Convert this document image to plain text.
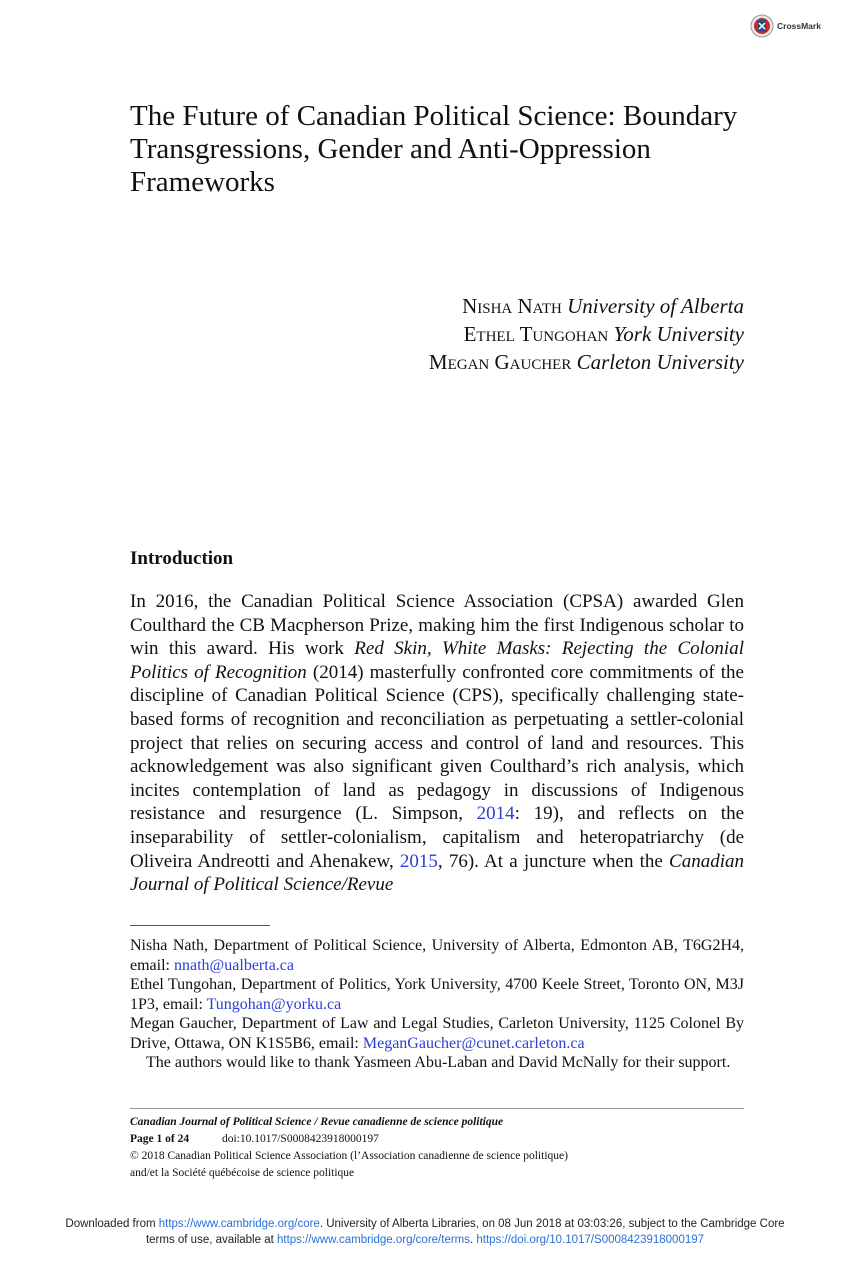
CrossMark
The Future of Canadian Political Science: Boundary Transgressions, Gender and Anti-Oppression Frameworks
Nisha Nath University of Alberta
Ethel Tungohan York University
Megan Gaucher Carleton University
Introduction
In 2016, the Canadian Political Science Association (CPSA) awarded Glen Coulthard the CB Macpherson Prize, making him the first Indigenous scholar to win this award. His work Red Skin, White Masks: Rejecting the Colonial Politics of Recognition (2014) masterfully confronted core commitments of the discipline of Canadian Political Science (CPS), specifically challenging state-based forms of recognition and reconciliation as perpetuating a settler-colonial project that relies on securing access and control of land and resources. This acknowledgement was also significant given Coulthard’s rich analysis, which incites contemplation of land as pedagogy in discussions of Indigenous resistance and resurgence (L. Simpson, 2014: 19), and reflects on the inseparability of settler-colonialism, capitalism and heteropatriarchy (de Oliveira Andreotti and Ahenakew, 2015, 76). At a juncture when the Canadian Journal of Political Science/Revue

Nisha Nath, Department of Political Science, University of Alberta, Edmonton AB, T6G2H4, email: nnath@ualberta.ca

Ethel Tungohan, Department of Politics, York University, 4700 Keele Street, Toronto ON, M3J 1P3, email: Tungohan@yorku.ca

Megan Gaucher, Department of Law and Legal Studies, Carleton University, 1125 Colonel By Drive, Ottawa, ON K1S5B6, email: MeganGaucher@cunet.carleton.ca

The authors would like to thank Yasmeen Abu-Laban and David McNally for their support.

Canadian Journal of Political Science / Revue canadienne de science politique
Page 1 of 24	doi:10.1017/S0008423918000197
© 2018 Canadian Political Science Association (l’Association canadienne de science politique)
and/et la Société québécoise de science politique
Downloaded from https://www.cambridge.org/core. University of Alberta Libraries, on 08 Jun 2018 at 03:03:26, subject to the Cambridge Core
terms of use, available at https://www.cambridge.org/core/terms. https://doi.org/10.1017/S0008423918000197
